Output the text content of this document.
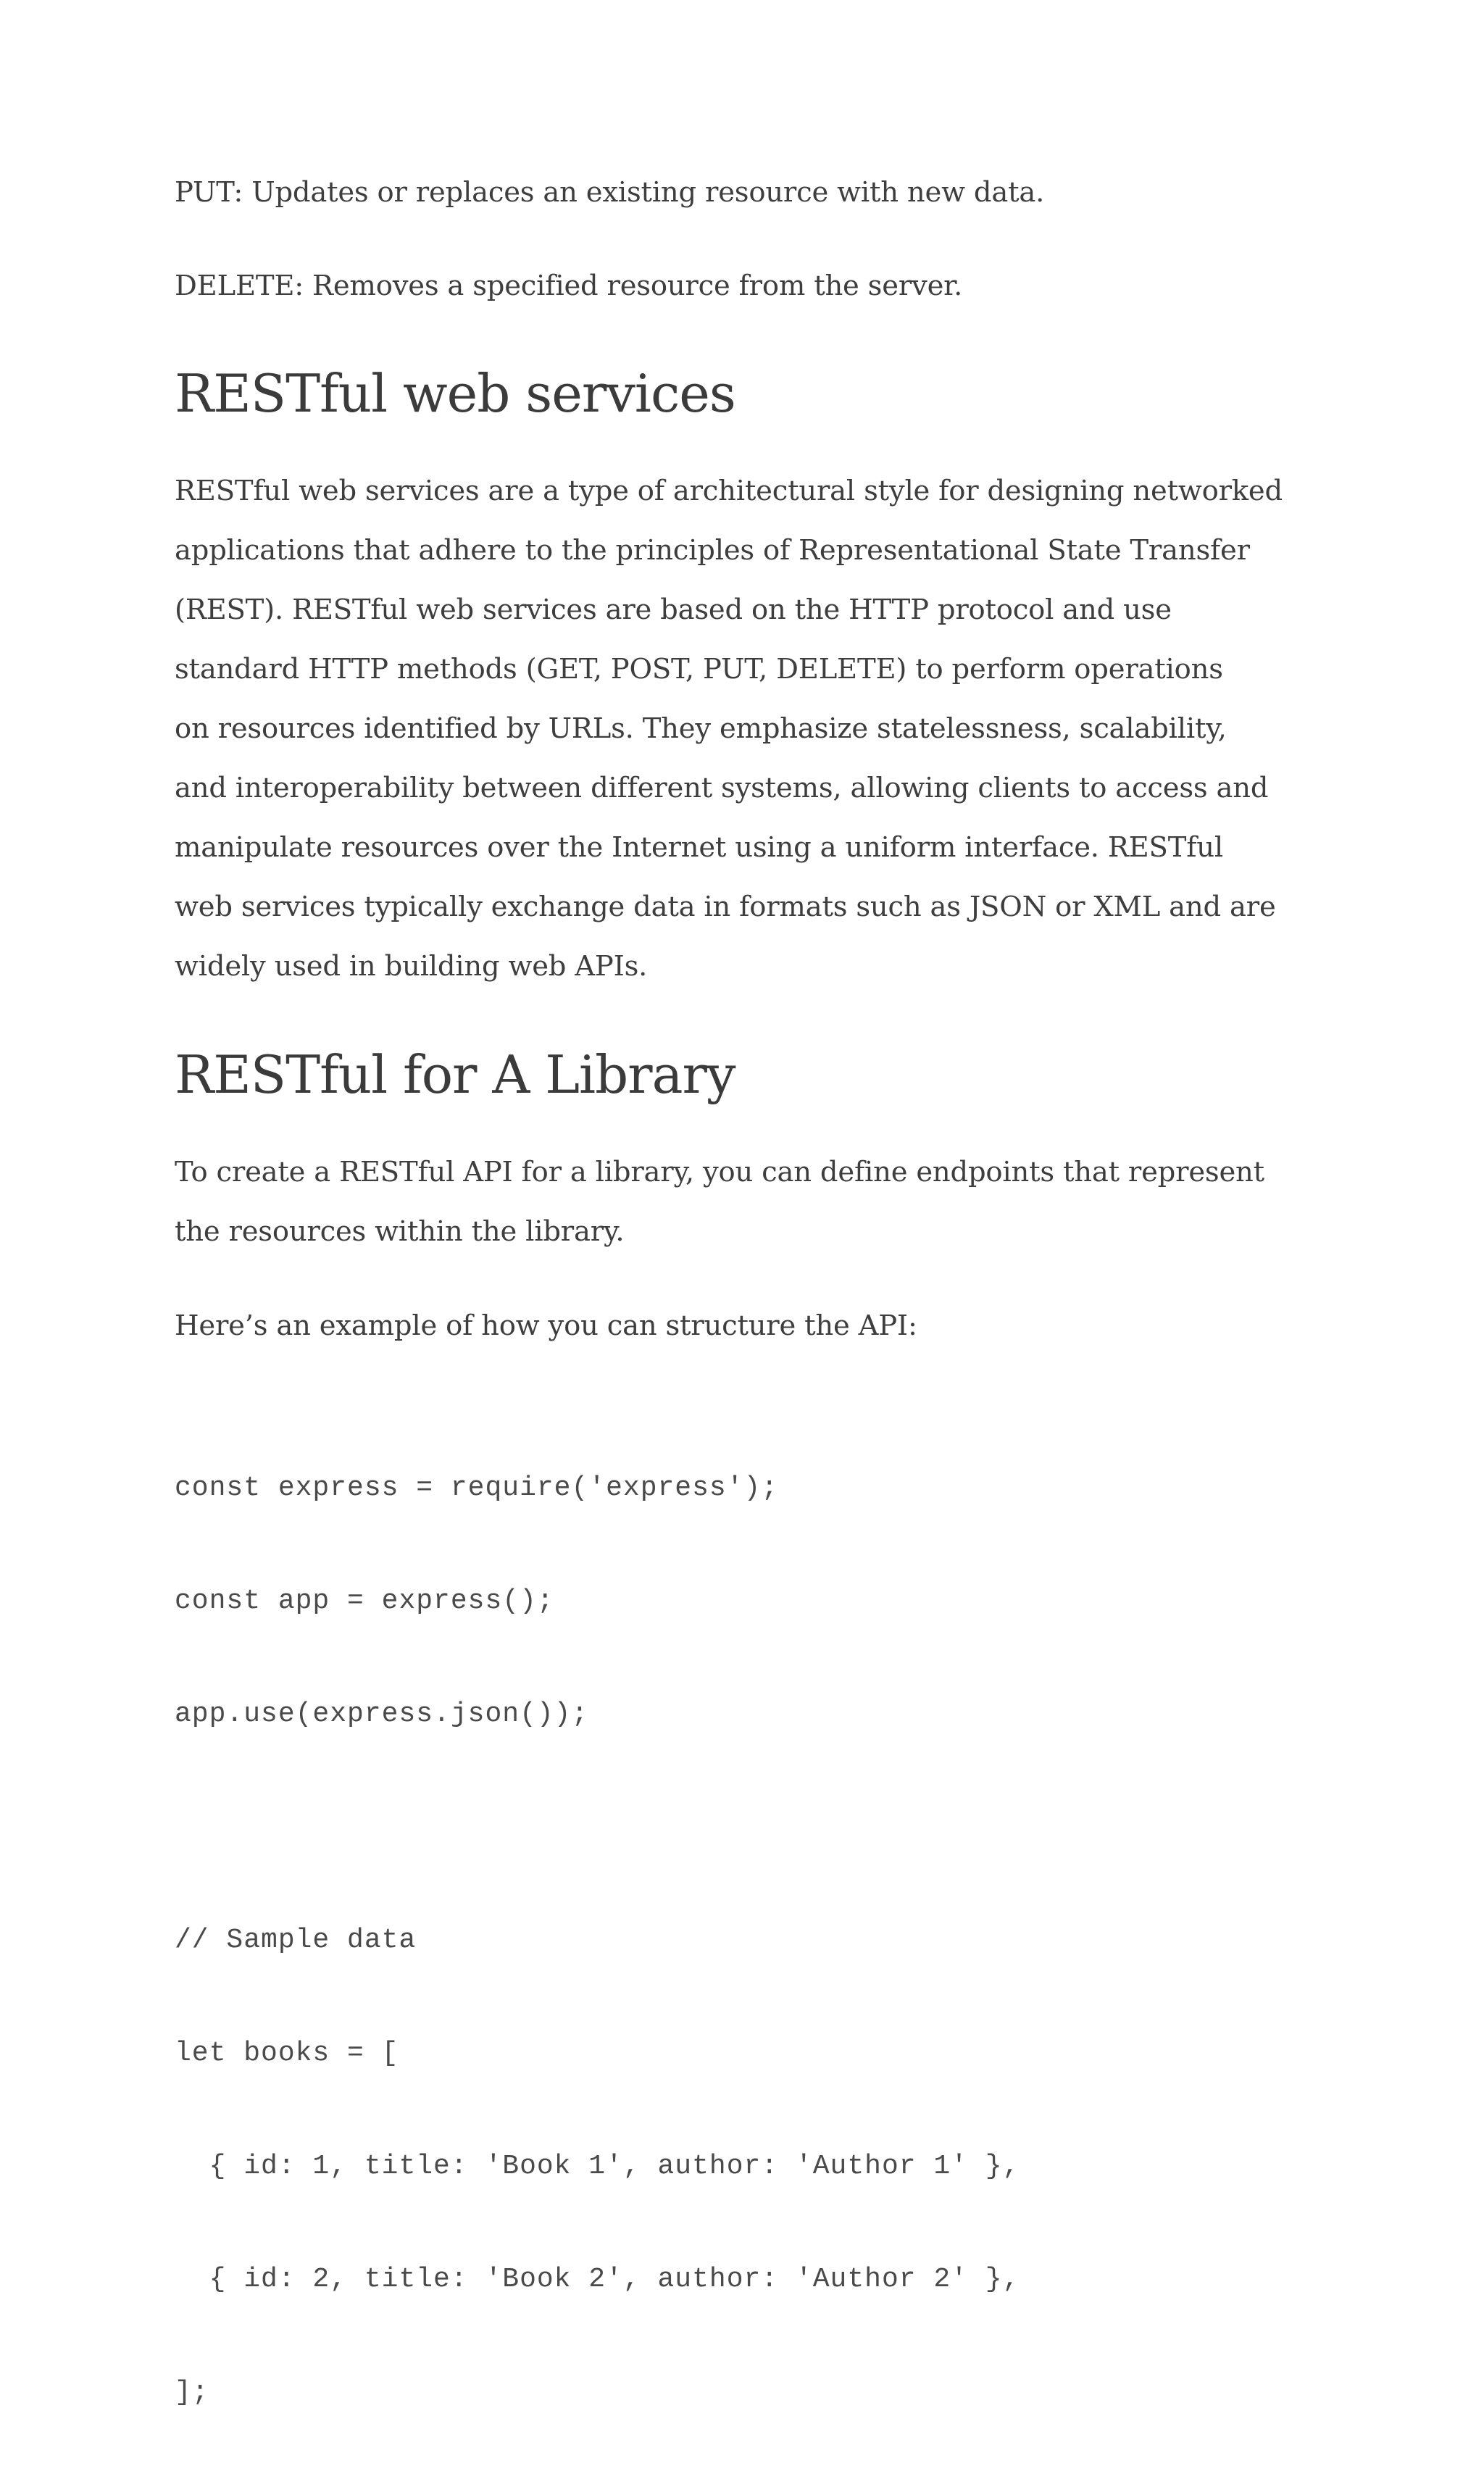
PUT: Updates or replaces an existing resource with new data.

DELETE: Removes a specified resource from the server.

RESTful web services
RESTful web services are a type of architectural style for designing networked
applications that adhere to the principles of Representational State Transfer
(REST). RESTful web services are based on the HTTP protocol and use
standard HTTP methods (GET, POST, PUT, DELETE) to perform operations
on resources identified by URLs. They emphasize statelessness, scalability,
and interoperability between different systems, allowing clients to access and
manipulate resources over the Internet using a uniform interface. RESTful
web services typically exchange data in formats such as JSON or XML and are
widely used in building web APIs.
RESTful for A Library
To create a RESTful API for a library, you can define endpoints that represent
the resources within the library.

Here’s an example of how you can structure the API:

const express = require('express');

const app = express();

app.use(express.json());

// Sample data

let books = [

{ id: 1, title: 'Book 1', author: 'Author 1' },

{ id: 2, title: 'Book 2', author: 'Author 2' },

];
